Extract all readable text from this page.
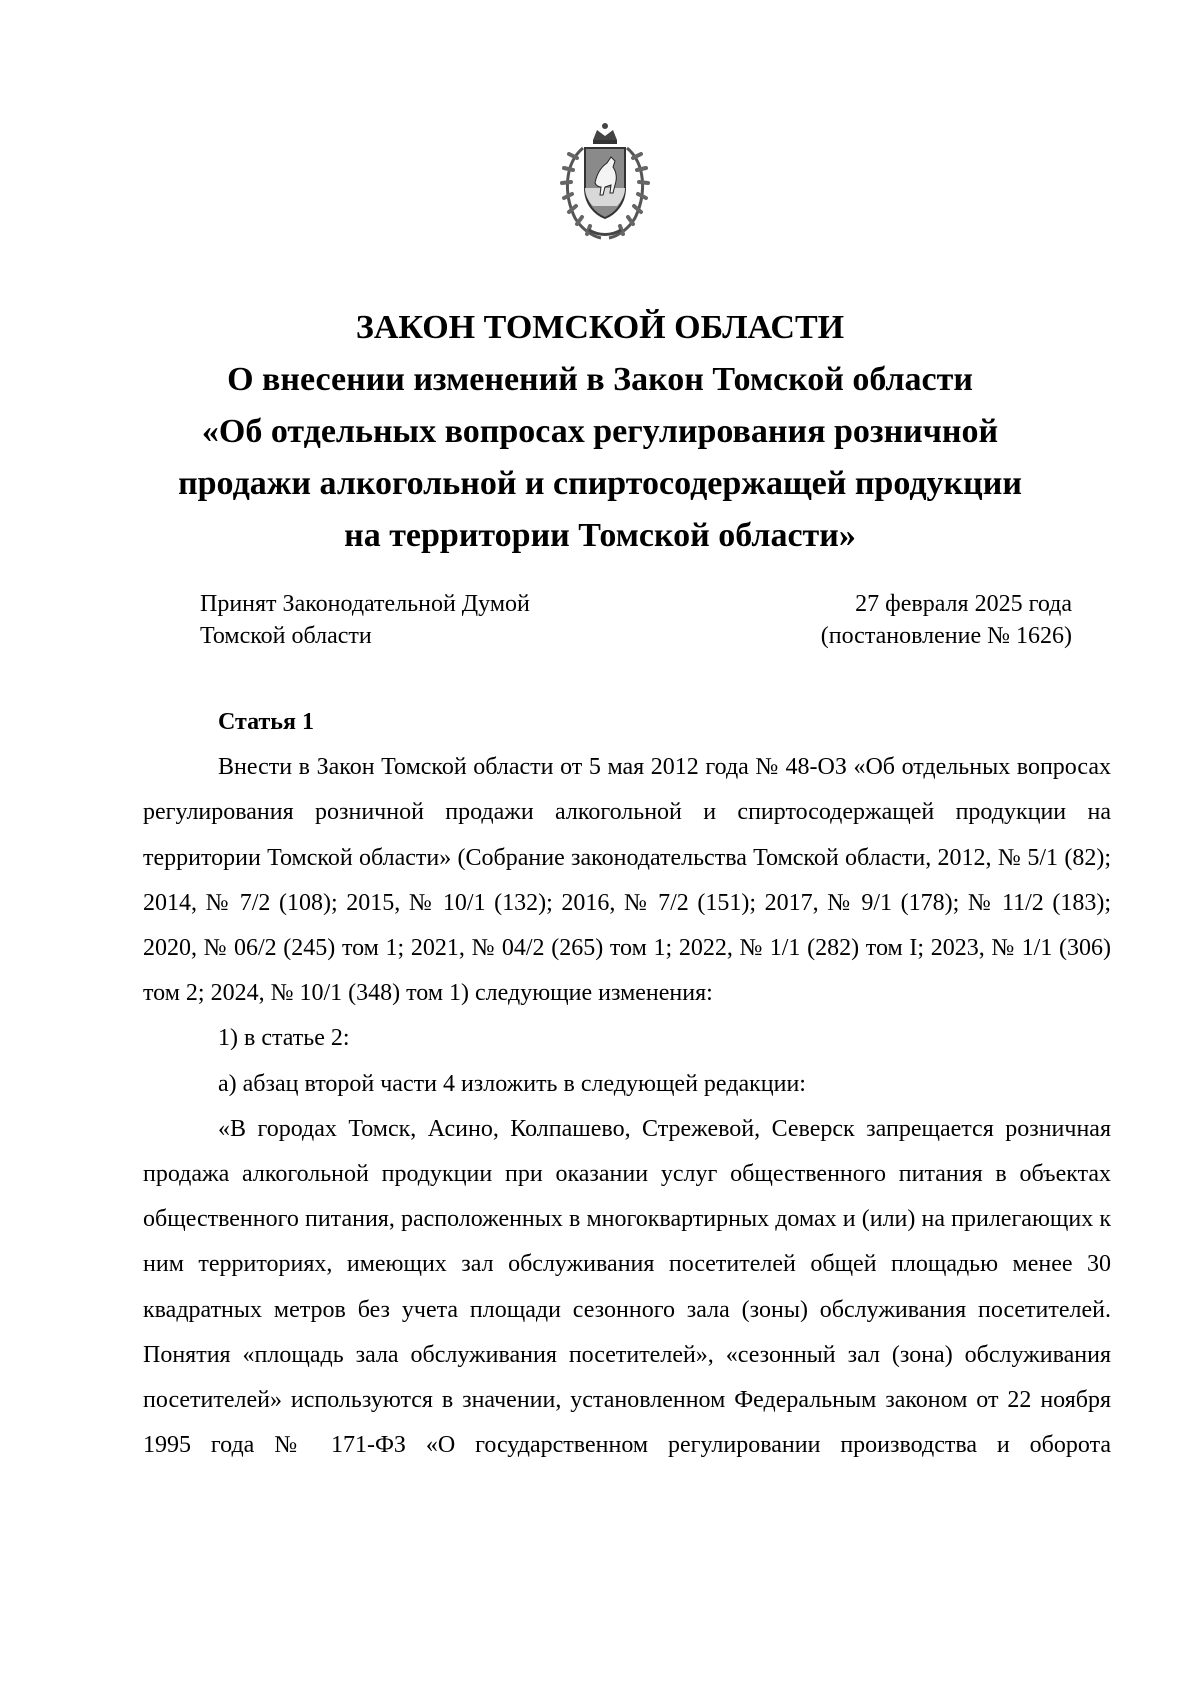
ЗАКОН ТОМСКОЙ ОБЛАСТИ
О внесении изменений в Закон Томской области
«Об отдельных вопросах регулирования розничной
продажи алкогольной и спиртосодержащей продукции
на территории Томской области»
Принят Законодательной Думой
Томской области
27 февраля 2025 года
(постановление № 1626)

Статья 1

Внести в Закон Томской области от 5 мая 2012 года № 48-ОЗ «Об отдельных вопросах регулирования розничной продажи алкогольной и спиртосодержащей продукции на территории Томской области» (Собрание законодательства Томской области, 2012, № 5/1 (82); 2014, № 7/2 (108); 2015, № 10/1 (132); 2016, № 7/2 (151); 2017, № 9/1 (178); № 11/2 (183); 2020, № 06/2 (245) том 1; 2021, № 04/2 (265) том 1; 2022, № 1/1 (282) том I; 2023, № 1/1 (306) том 2; 2024, № 10/1 (348) том 1) следующие изменения:

1) в статье 2:

а) абзац второй части 4 изложить в следующей редакции:

«В городах Томск, Асино, Колпашево, Стрежевой, Северск запрещается розничная продажа алкогольной продукции при оказании услуг общественного питания в объектах общественного питания, расположенных в многоквартирных домах и (или) на прилегающих к ним территориях, имеющих зал обслуживания посетителей общей площадью менее 30 квадратных метров без учета площади сезонного зала (зоны) обслуживания посетителей. Понятия «площадь зала обслуживания посетителей», «сезонный зал (зона) обслуживания посетителей» используются в значении, установленном Федеральным законом от 22 ноября 1995 года № 171-ФЗ «О государственном регулировании производства и оборота
